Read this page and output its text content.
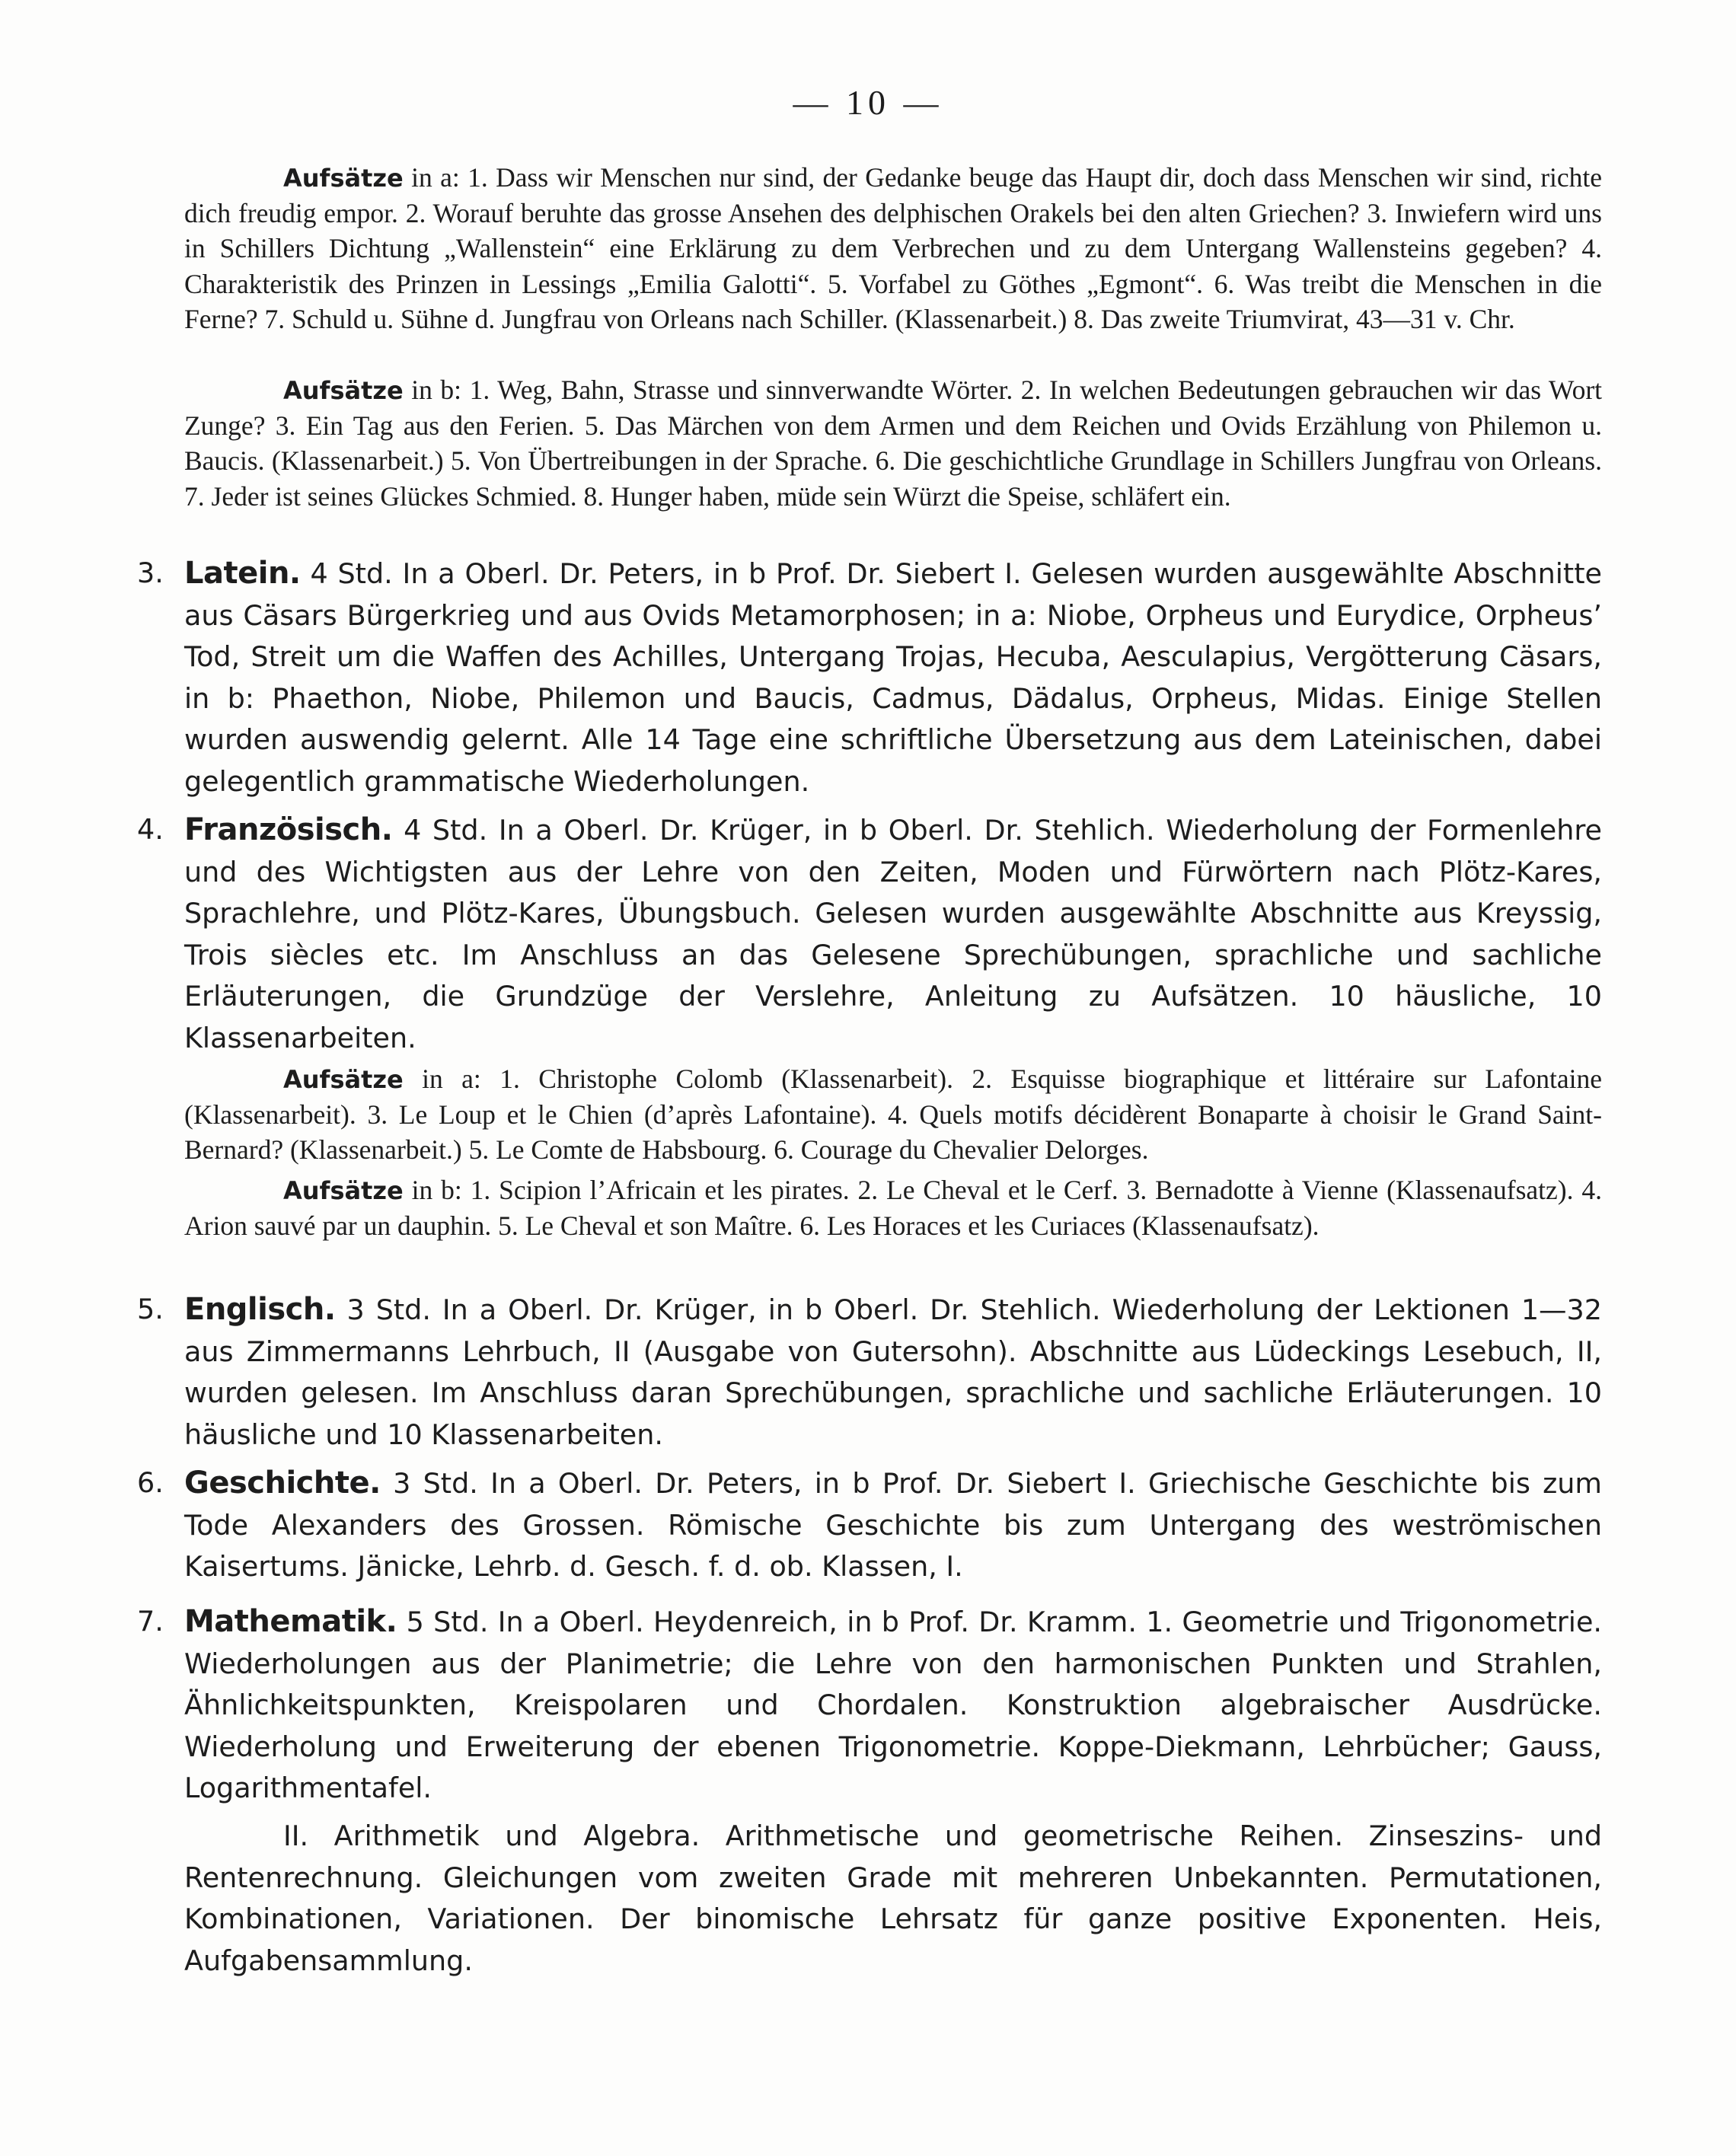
— 10 —
Aufsätze in a: 1. Dass wir Menschen nur sind, der Gedanke beuge das Haupt dir, doch dass Menschen wir sind, richte dich freudig empor. 2. Worauf beruhte das grosse Ansehen des delphischen Orakels bei den alten Griechen? 3. Inwiefern wird uns in Schillers Dichtung „Wallenstein“ eine Erklärung zu dem Verbrechen und zu dem Untergang Wallensteins gegeben? 4. Charakteristik des Prinzen in Lessings „Emilia Galotti“. 5. Vorfabel zu Göthes „Egmont“. 6. Was treibt die Menschen in die Ferne? 7. Schuld u. Sühne d. Jungfrau von Orleans nach Schiller. (Klassenarbeit.) 8. Das zweite Triumvirat, 43—31 v. Chr.
Aufsätze in b: 1. Weg, Bahn, Strasse und sinnverwandte Wörter. 2. In welchen Bedeutungen gebrauchen wir das Wort Zunge? 3. Ein Tag aus den Ferien. 5. Das Märchen von dem Armen und dem Reichen und Ovids Erzählung von Philemon u. Baucis. (Klassenarbeit.) 5. Von Übertreibungen in der Sprache. 6. Die geschichtliche Grundlage in Schillers Jungfrau von Orleans. 7. Jeder ist seines Glückes Schmied. 8. Hunger haben, müde sein Würzt die Speise, schläfert ein.
3. Latein. 4 Std. In a Oberl. Dr. Peters, in b Prof. Dr. Siebert I. Gelesen wurden ausgewählte Abschnitte aus Cäsars Bürgerkrieg und aus Ovids Metamorphosen; in a: Niobe, Orpheus und Eurydice, Orpheus’ Tod, Streit um die Waffen des Achilles, Untergang Trojas, Hecuba, Aesculapius, Vergötterung Cäsars, in b: Phaethon, Niobe, Philemon und Baucis, Cadmus, Dädalus, Orpheus, Midas. Einige Stellen wurden auswendig gelernt. Alle 14 Tage eine schriftliche Übersetzung aus dem Lateinischen, dabei gelegentlich grammatische Wiederholungen.
4. Französisch. 4 Std. In a Oberl. Dr. Krüger, in b Oberl. Dr. Stehlich. Wiederholung der Formenlehre und des Wichtigsten aus der Lehre von den Zeiten, Moden und Fürwörtern nach Plötz-Kares, Sprachlehre, und Plötz-Kares, Übungsbuch. Gelesen wurden ausgewählte Abschnitte aus Kreyssig, Trois siècles etc. Im Anschluss an das Gelesene Sprechübungen, sprachliche und sachliche Erläuterungen, die Grundzüge der Verslehre, Anleitung zu Aufsätzen. 10 häusliche, 10 Klassenarbeiten.
Aufsätze in a: 1. Christophe Colomb (Klassenarbeit). 2. Esquisse biographique et littéraire sur Lafontaine (Klassenarbeit). 3. Le Loup et le Chien (d’après Lafontaine). 4. Quels motifs décidèrent Bonaparte à choisir le Grand Saint-Bernard? (Klassenarbeit.) 5. Le Comte de Habsbourg. 6. Courage du Chevalier Delorges.
Aufsätze in b: 1. Scipion l’Africain et les pirates. 2. Le Cheval et le Cerf. 3. Bernadotte à Vienne (Klassenaufsatz). 4. Arion sauvé par un dauphin. 5. Le Cheval et son Maître. 6. Les Horaces et les Curiaces (Klassenaufsatz).
5. Englisch. 3 Std. In a Oberl. Dr. Krüger, in b Oberl. Dr. Stehlich. Wiederholung der Lektionen 1—32 aus Zimmermanns Lehrbuch, II (Ausgabe von Gutersohn). Abschnitte aus Lüdeckings Lesebuch, II, wurden gelesen. Im Anschluss daran Sprechübungen, sprachliche und sachliche Erläuterungen. 10 häusliche und 10 Klassenarbeiten.
6. Geschichte. 3 Std. In a Oberl. Dr. Peters, in b Prof. Dr. Siebert I. Griechische Geschichte bis zum Tode Alexanders des Grossen. Römische Geschichte bis zum Untergang des weströmischen Kaisertums. Jänicke, Lehrb. d. Gesch. f. d. ob. Klassen, I.
7. Mathematik. 5 Std. In a Oberl. Heydenreich, in b Prof. Dr. Kramm. 1. Geometrie und Trigonometrie. Wiederholungen aus der Planimetrie; die Lehre von den harmonischen Punkten und Strahlen, Ähnlichkeitspunkten, Kreispolaren und Chordalen. Konstruktion algebraischer Ausdrücke. Wiederholung und Erweiterung der ebenen Trigonometrie. Koppe-Diekmann, Lehrbücher; Gauss, Logarithmentafel.
II. Arithmetik und Algebra. Arithmetische und geometrische Reihen. Zinseszins- und Rentenrechnung. Gleichungen vom zweiten Grade mit mehreren Unbekannten. Permutationen, Kombinationen, Variationen. Der binomische Lehrsatz für ganze positive Exponenten. Heis, Aufgabensammlung.
